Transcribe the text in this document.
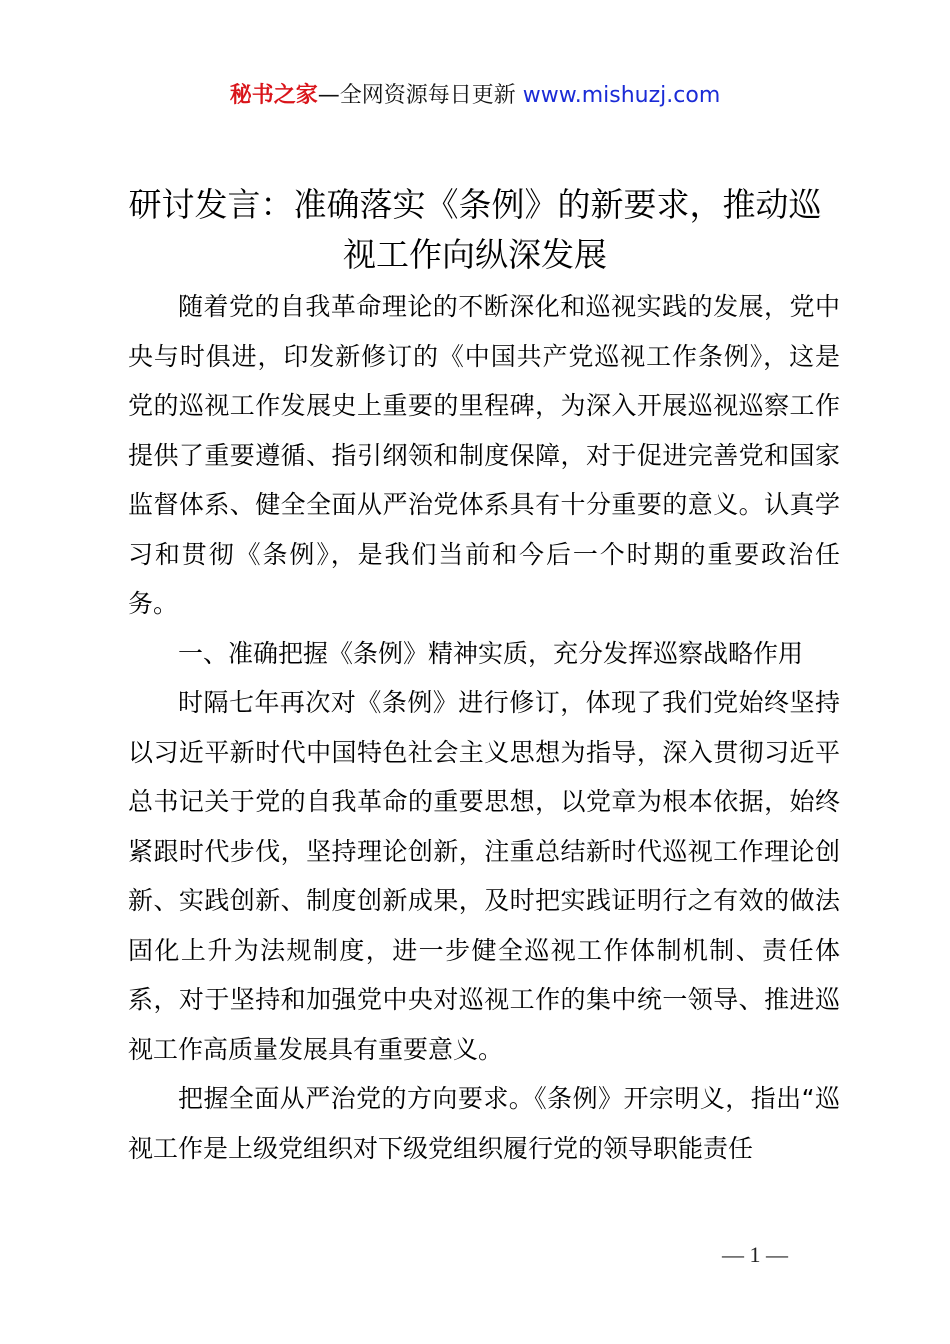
秘书之家—全网资源每日更新 www.mishuzj.com
研讨发言：准确落实《条例》的新要求，推动巡视工作向纵深发展

随着党的自我革命理论的不断深化和巡视实践的发展，党中央与时俱进，印发新修订的《中国共产党巡视工作条例》，这是党的巡视工作发展史上重要的里程碑，为深入开展巡视巡察工作提供了重要遵循、指引纲领和制度保障，对于促进完善党和国家监督体系、健全全面从严治党体系具有十分重要的意义。认真学习和贯彻《条例》，是我们当前和今后一个时期的重要政治任务。

一、准确把握《条例》精神实质，充分发挥巡察战略作用

时隔七年再次对《条例》进行修订，体现了我们党始终坚持以习近平新时代中国特色社会主义思想为指导，深入贯彻习近平总书记关于党的自我革命的重要思想，以党章为根本依据，始终紧跟时代步伐，坚持理论创新，注重总结新时代巡视工作理论创新、实践创新、制度创新成果，及时把实践证明行之有效的做法固化上升为法规制度，进一步健全巡视工作体制机制、责任体系，对于坚持和加强党中央对巡视工作的集中统一领导、推进巡视工作高质量发展具有重要意义。

把握全面从严治党的方向要求。《条例》开宗明义，指出“巡视工作是上级党组织对下级党组织履行党的领导职能责任

— 1 —
